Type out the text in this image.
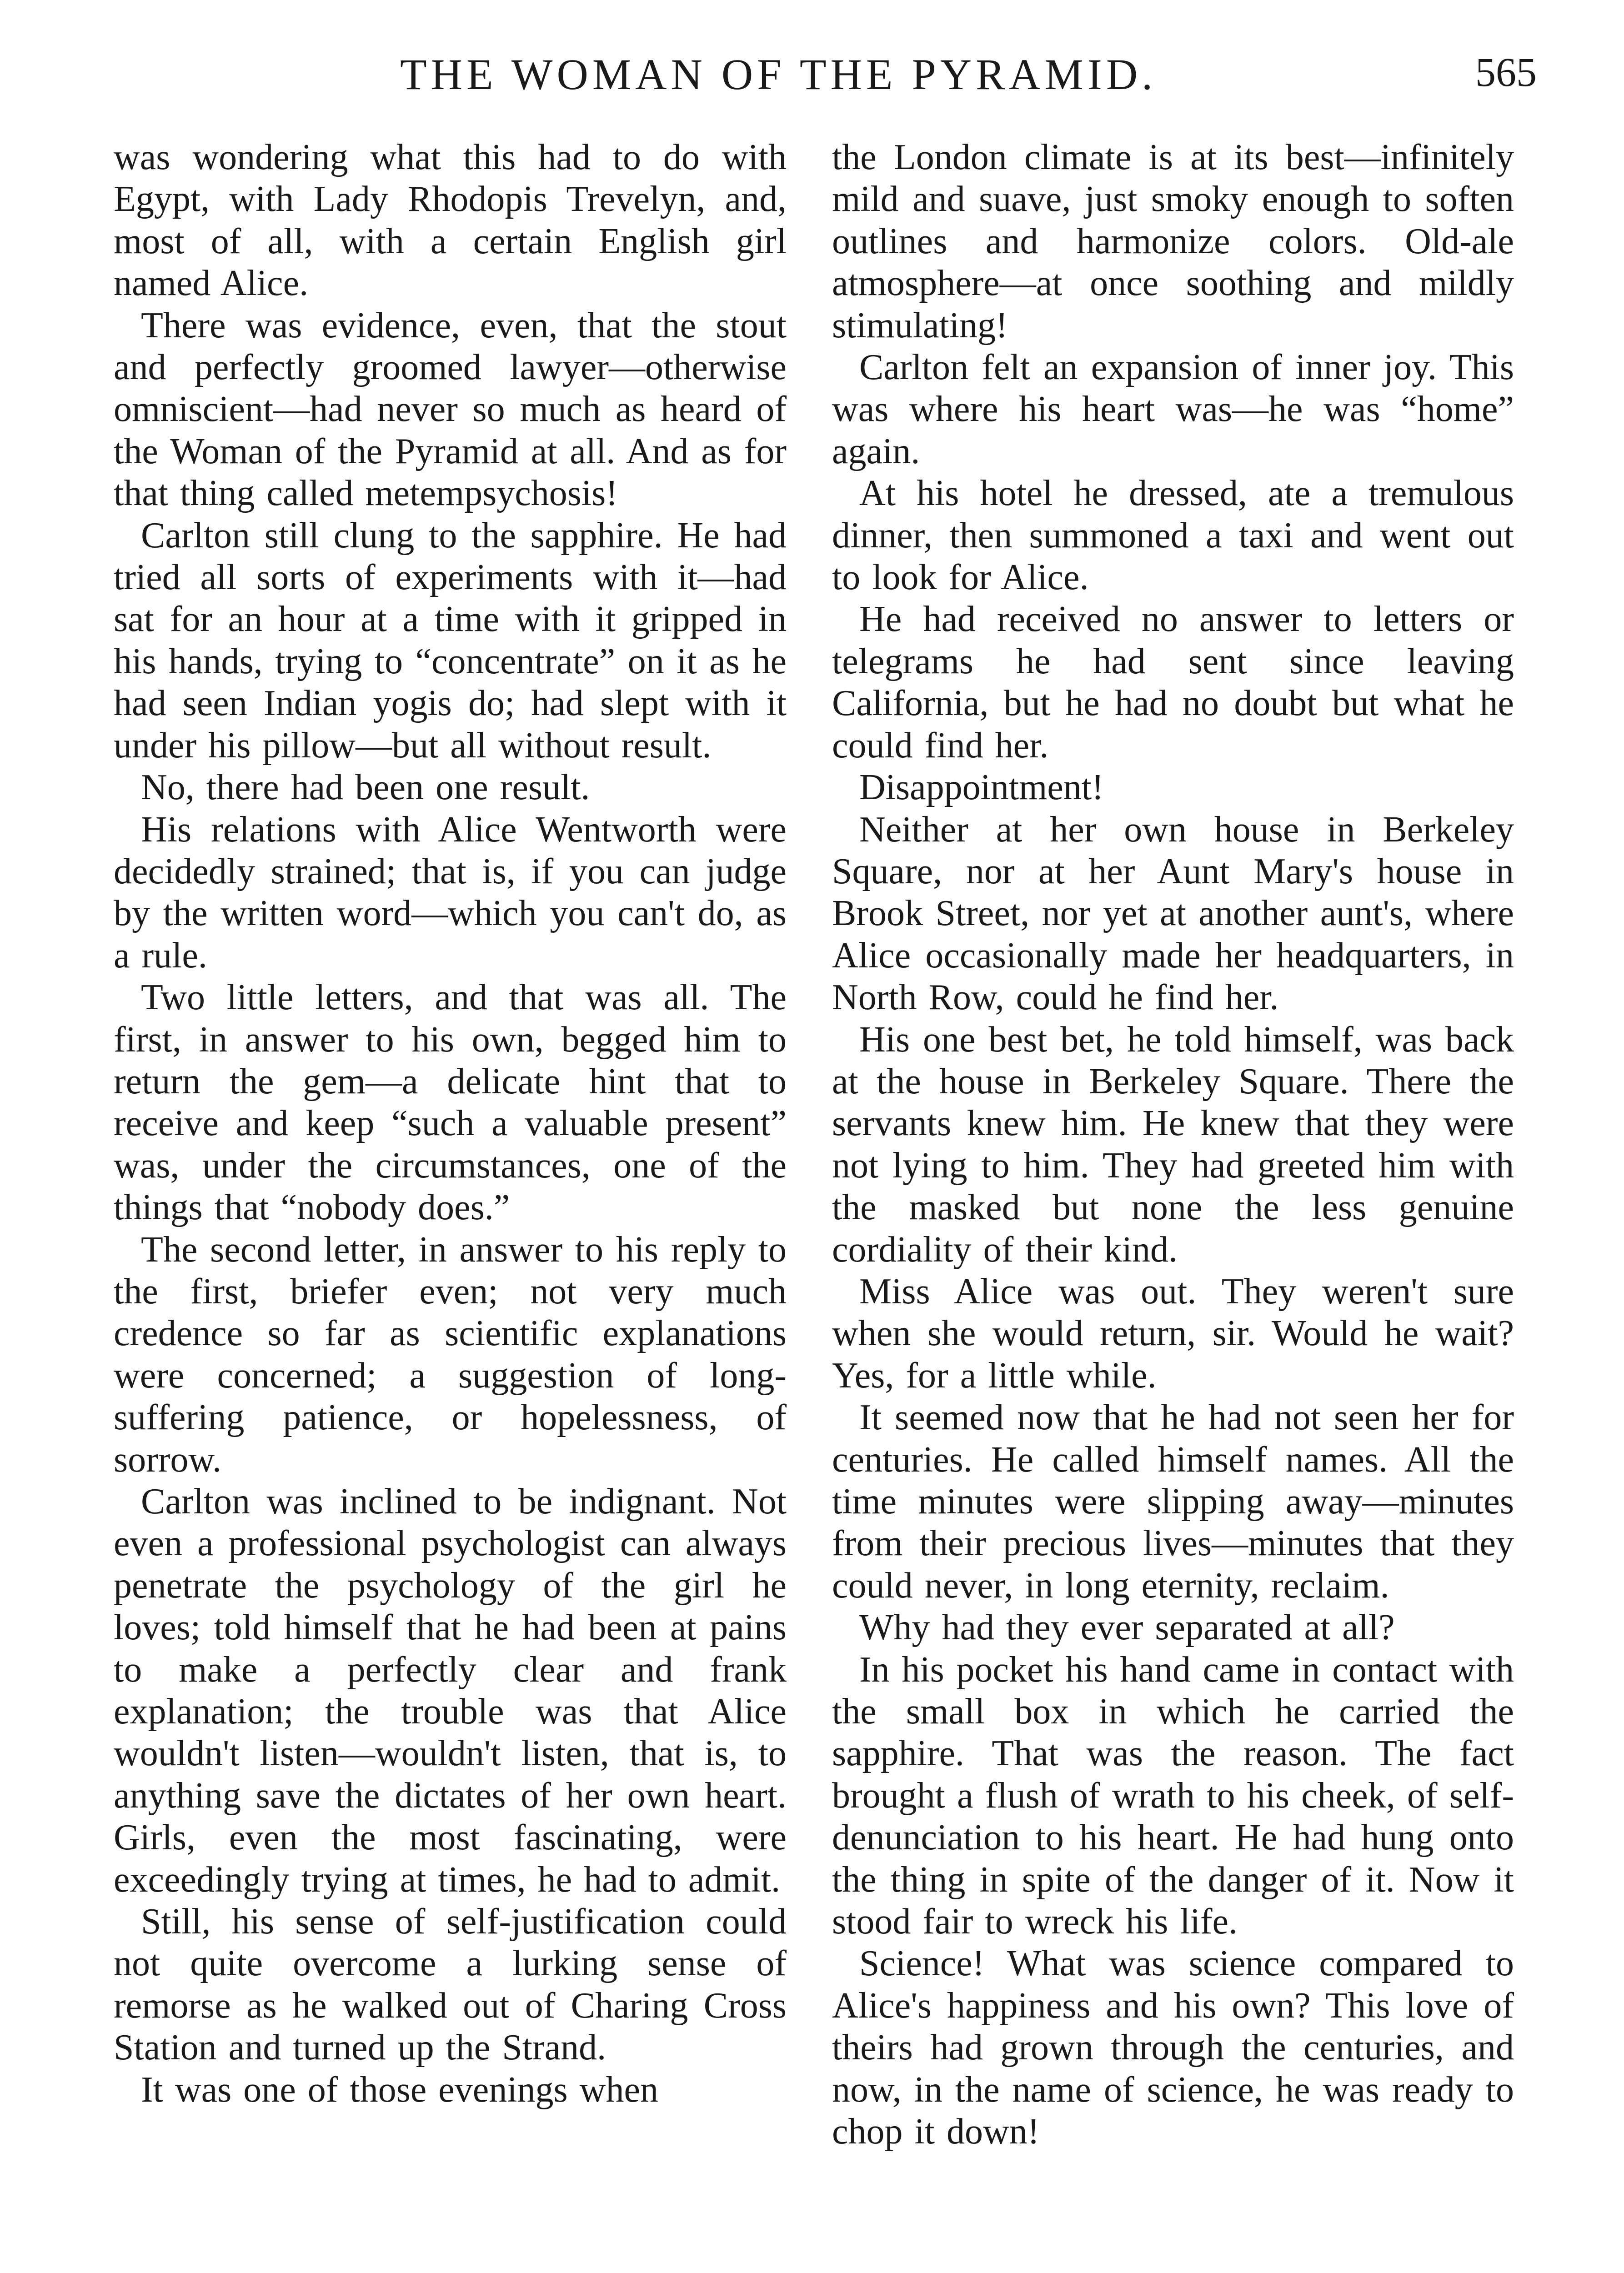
THE WOMAN OF THE PYRAMID.	565

was wondering what this had to do with Egypt, with Lady Rhodopis Trevelyn, and, most of all, with a certain English girl named Alice.

There was evidence, even, that the stout and perfectly groomed lawyer—otherwise omniscient—had never so much as heard of the Woman of the Pyramid at all. And as for that thing called metempsychosis!

Carlton still clung to the sapphire. He had tried all sorts of experiments with it—had sat for an hour at a time with it gripped in his hands, trying to “concentrate” on it as he had seen Indian yogis do; had slept with it under his pillow—but all without result.

No, there had been one result.

His relations with Alice Wentworth were decidedly strained; that is, if you can judge by the written word—which you can't do, as a rule.

Two little letters, and that was all. The first, in answer to his own, begged him to return the gem—a delicate hint that to receive and keep “such a valuable present” was, under the circumstances, one of the things that “nobody does.”

The second letter, in answer to his reply to the first, briefer even; not very much credence so far as scientific explanations were concerned; a suggestion of long-suffering patience, or hopelessness, of sorrow.

Carlton was inclined to be indignant. Not even a professional psychologist can always penetrate the psychology of the girl he loves; told himself that he had been at pains to make a perfectly clear and frank explanation; the trouble was that Alice wouldn't listen—wouldn't listen, that is, to anything save the dictates of her own heart. Girls, even the most fascinating, were exceedingly trying at times, he had to admit.

Still, his sense of self-justification could not quite overcome a lurking sense of remorse as he walked out of Charing Cross Station and turned up the Strand.

It was one of those evenings when

the London climate is at its best—infinitely mild and suave, just smoky enough to soften outlines and harmonize colors. Old-ale atmosphere—at once soothing and mildly stimulating!

Carlton felt an expansion of inner joy. This was where his heart was—he was “home” again.

At his hotel he dressed, ate a tremulous dinner, then summoned a taxi and went out to look for Alice.

He had received no answer to letters or telegrams he had sent since leaving California, but he had no doubt but what he could find her.

Disappointment!

Neither at her own house in Berkeley Square, nor at her Aunt Mary's house in Brook Street, nor yet at another aunt's, where Alice occasionally made her headquarters, in North Row, could he find her.

His one best bet, he told himself, was back at the house in Berkeley Square. There the servants knew him. He knew that they were not lying to him. They had greeted him with the masked but none the less genuine cordiality of their kind.

Miss Alice was out. They weren't sure when she would return, sir. Would he wait? Yes, for a little while.

It seemed now that he had not seen her for centuries. He called himself names. All the time minutes were slipping away—minutes from their precious lives—minutes that they could never, in long eternity, reclaim.

Why had they ever separated at all?

In his pocket his hand came in contact with the small box in which he carried the sapphire. That was the reason. The fact brought a flush of wrath to his cheek, of self-denunciation to his heart. He had hung onto the thing in spite of the danger of it. Now it stood fair to wreck his life.

Science! What was science compared to Alice's happiness and his own? This love of theirs had grown through the centuries, and now, in the name of science, he was ready to chop it down!
